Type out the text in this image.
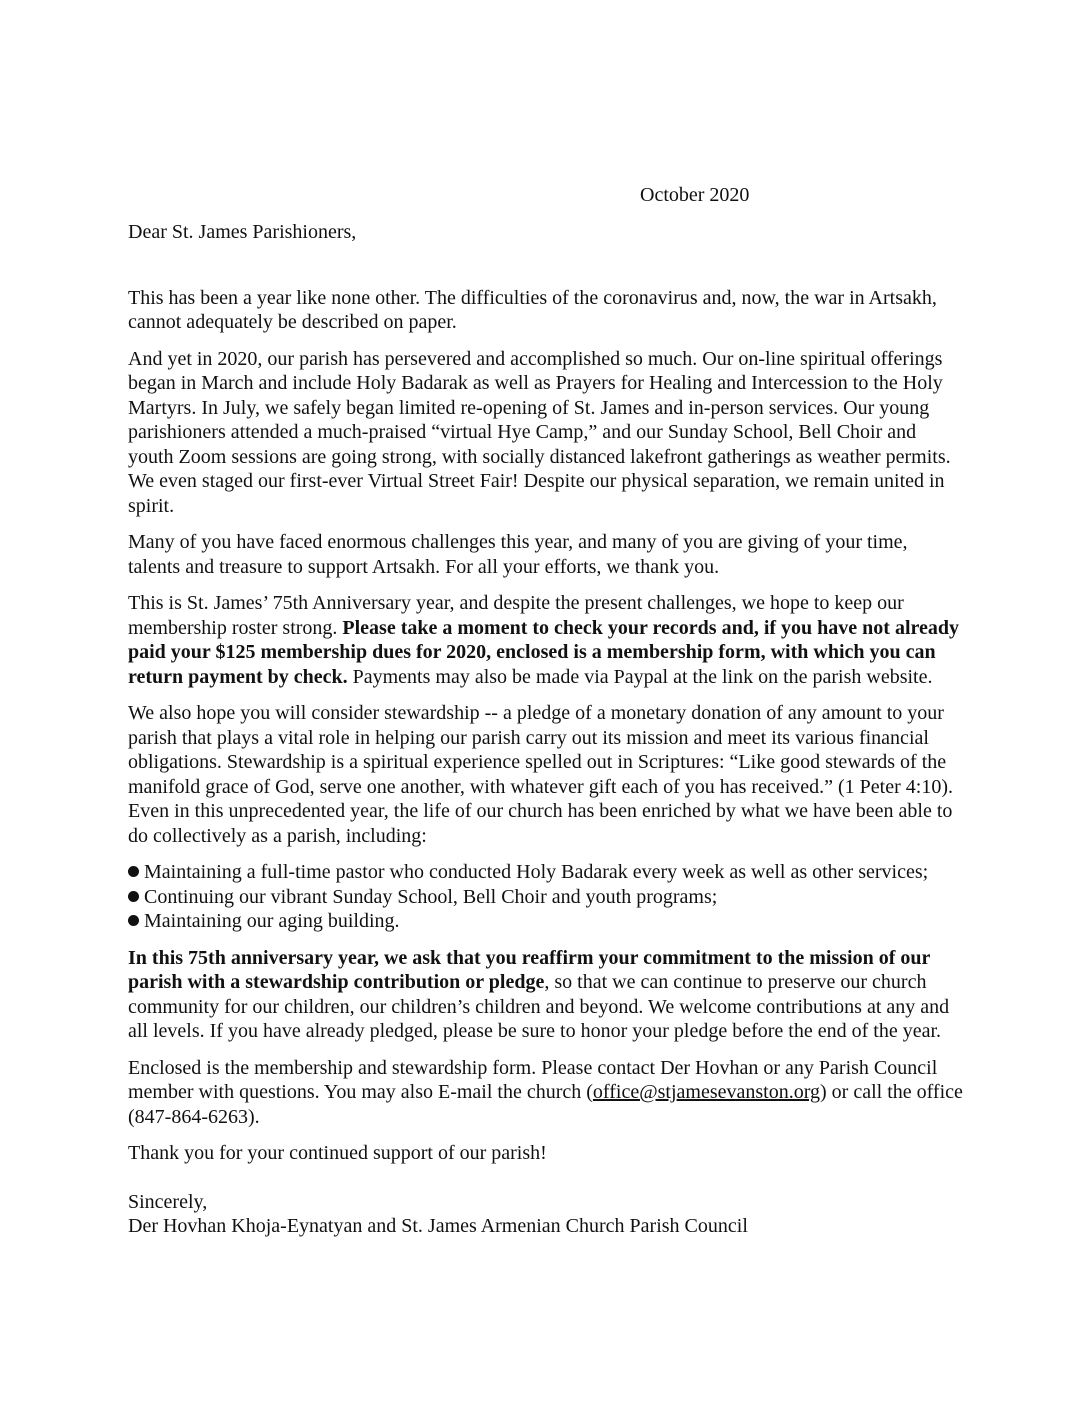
October 2020
Dear St. James Parishioners,

This has been a year like none other. The difficulties of the coronavirus and, now, the war in Artsakh, cannot adequately be described on paper.

And yet in 2020, our parish has persevered and accomplished so much. Our on-line spiritual offerings began in March and include Holy Badarak as well as Prayers for Healing and Intercession to the Holy Martyrs. In July, we safely began limited re-opening of St. James and in-person services. Our young parishioners attended a much-praised “virtual Hye Camp,” and our Sunday School, Bell Choir and youth Zoom sessions are going strong, with socially distanced lakefront gatherings as weather permits. We even staged our first-ever Virtual Street Fair! Despite our physical separation, we remain united in spirit.

Many of you have faced enormous challenges this year, and many of you are giving of your time, talents and treasure to support Artsakh. For all your efforts, we thank you.

This is St. James’ 75th Anniversary year, and despite the present challenges, we hope to keep our membership roster strong. Please take a moment to check your records and, if you have not already paid your $125 membership dues for 2020, enclosed is a membership form, with which you can return payment by check. Payments may also be made via Paypal at the link on the parish website.

We also hope you will consider stewardship -- a pledge of a monetary donation of any amount to your parish that plays a vital role in helping our parish carry out its mission and meet its various financial obligations. Stewardship is a spiritual experience spelled out in Scriptures: “Like good stewards of the manifold grace of God, serve one another, with whatever gift each of you has received.” (1 Peter 4:10). Even in this unprecedented year, the life of our church has been enriched by what we have been able to do collectively as a parish, including:

Maintaining a full-time pastor who conducted Holy Badarak every week as well as other services;
Continuing our vibrant Sunday School, Bell Choir and youth programs;
Maintaining our aging building.

In this 75th anniversary year, we ask that you reaffirm your commitment to the mission of our parish with a stewardship contribution or pledge, so that we can continue to preserve our church community for our children, our children’s children and beyond. We welcome contributions at any and all levels. If you have already pledged, please be sure to honor your pledge before the end of the year.

Enclosed is the membership and stewardship form. Please contact Der Hovhan or any Parish Council member with questions. You may also E-mail the church (office@stjamesevanston.org) or call the office (847-864-6263).

Thank you for your continued support of our parish!

Sincerely,
Der Hovhan Khoja-Eynatyan and St. James Armenian Church Parish Council
